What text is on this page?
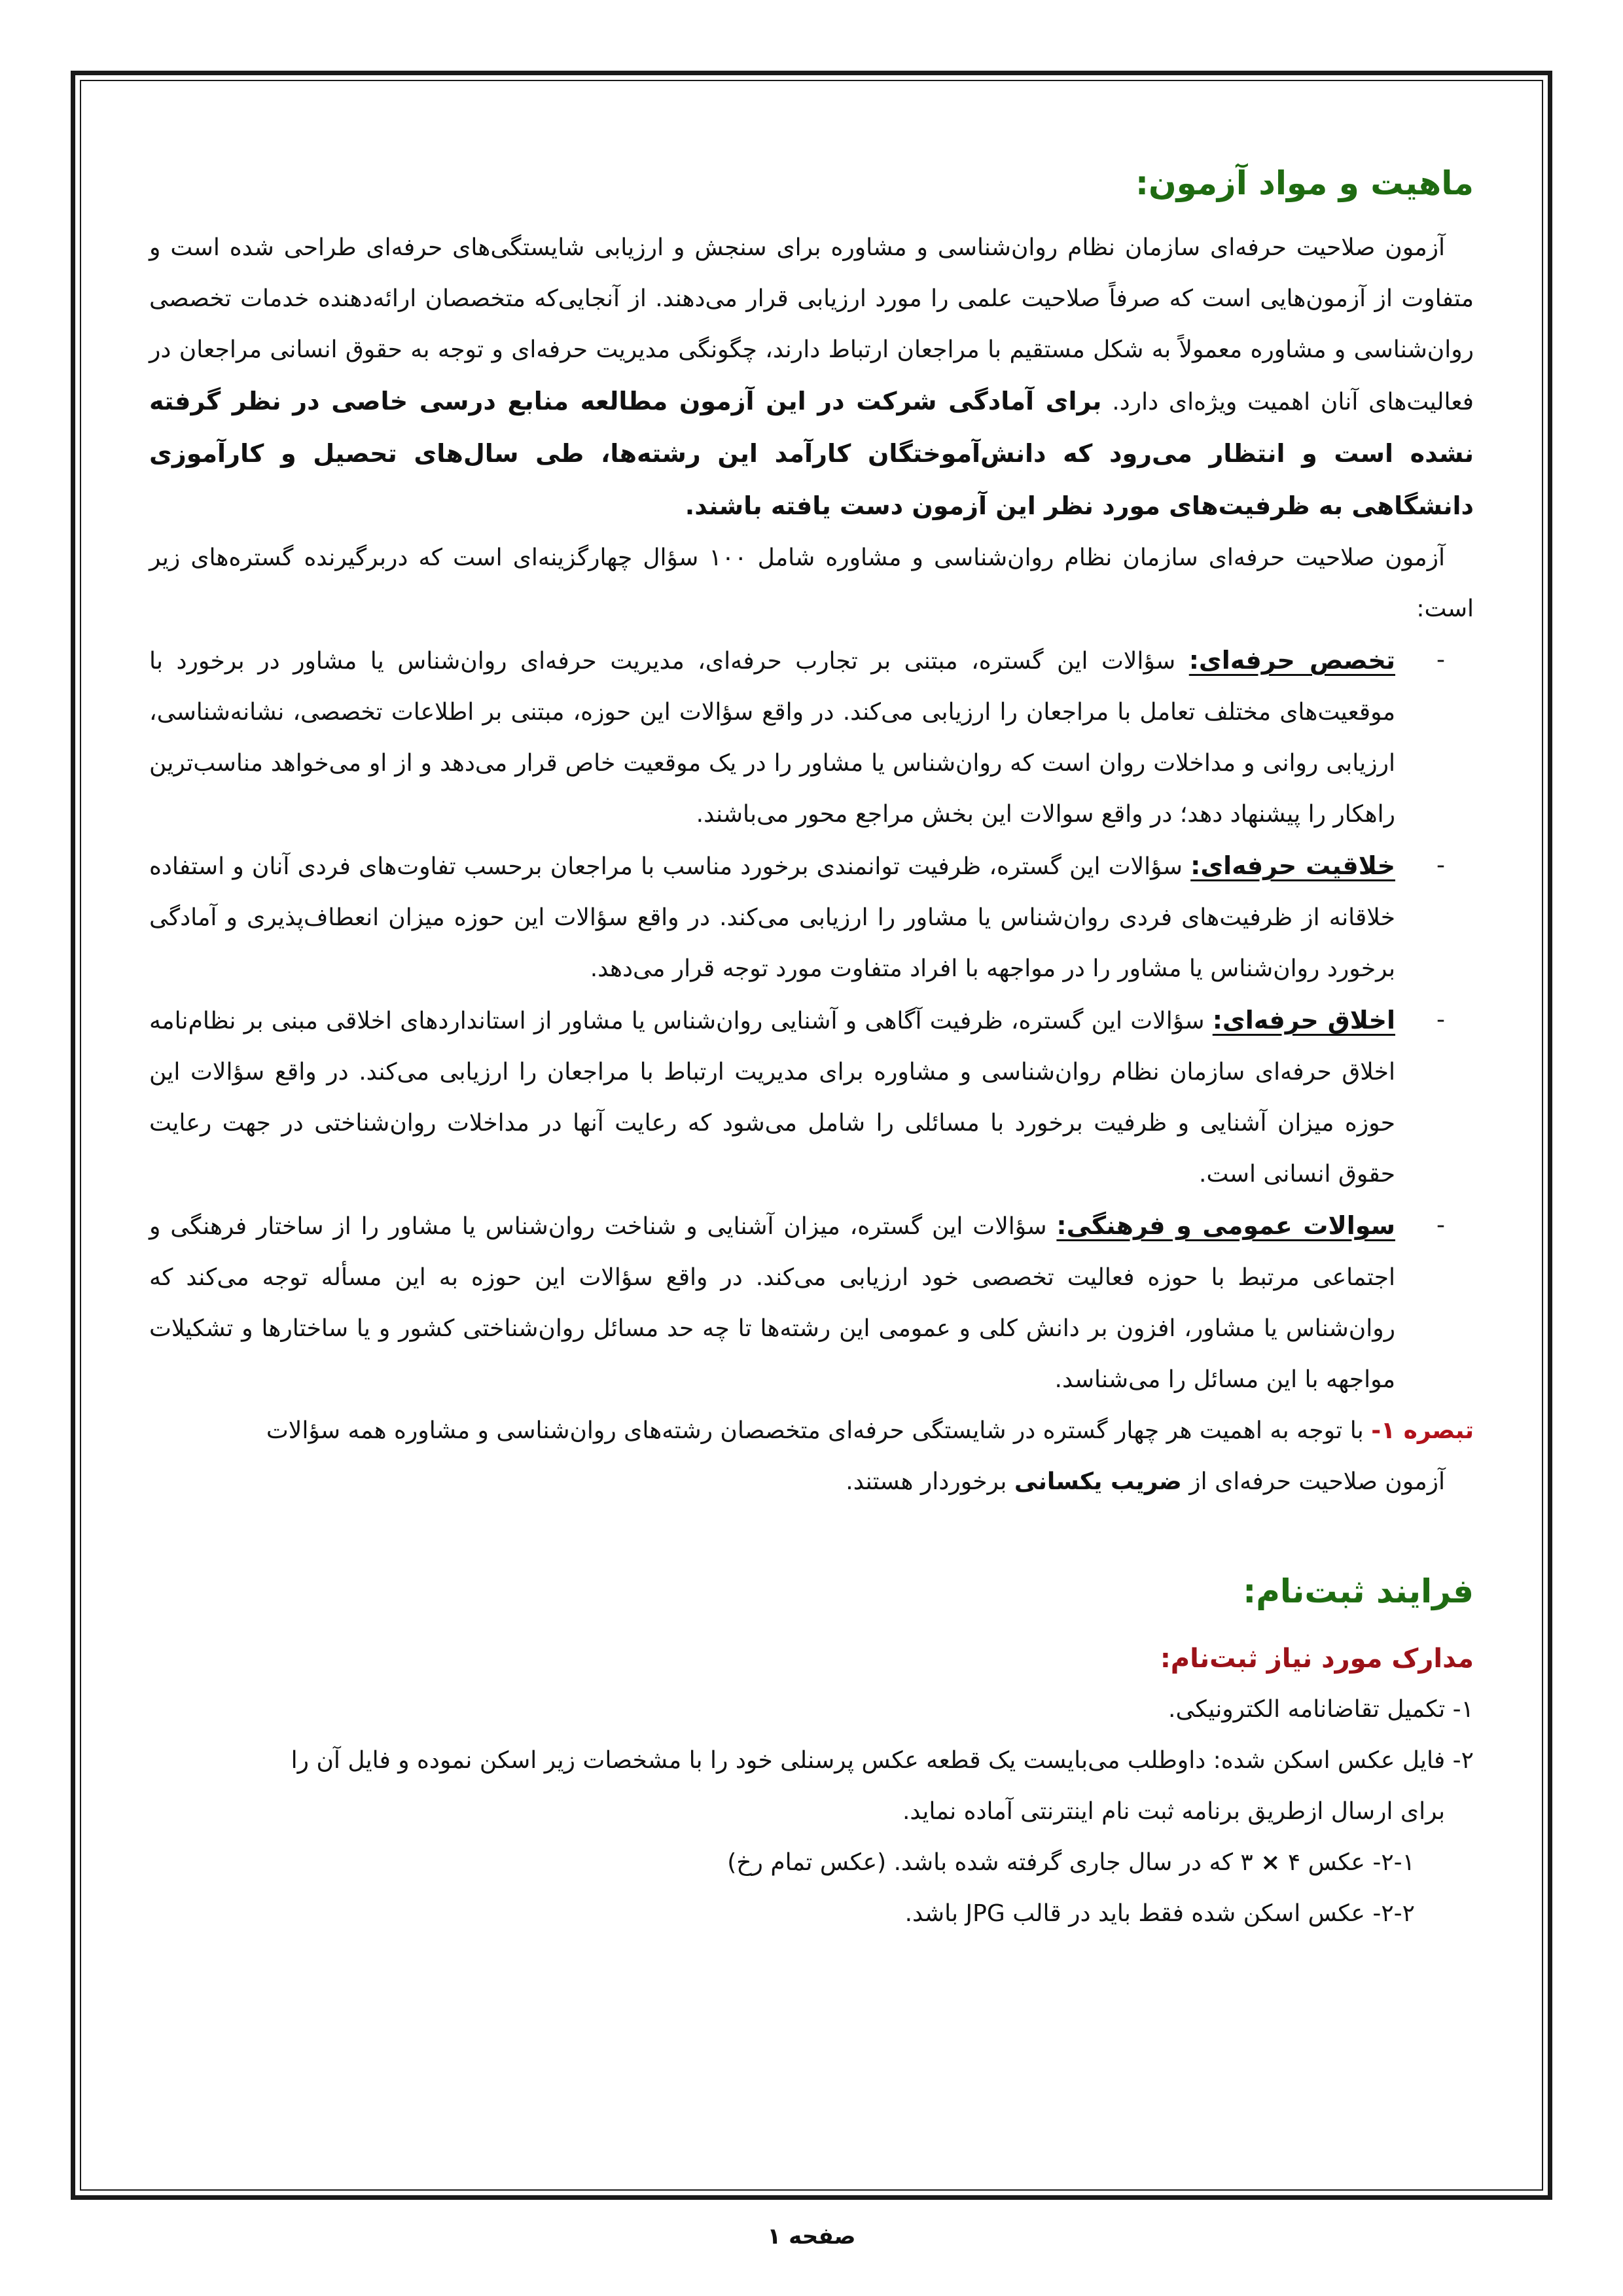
ماهیت و مواد آزمون:

آزمون صلاحیت حرفه‌ای سازمان نظام روان‌شناسی و مشاوره برای سنجش و ارزیابی شایستگی‌های حرفه‌ای طراحی شده است و متفاوت از آزمون‌هایی است که صرفاً صلاحیت علمی را مورد ارزیابی قرار می‌دهند. از آنجایی‌که متخصصان ارائه‌دهنده خدمات تخصصی روان‌شناسی و مشاوره معمولاً به شکل مستقیم با مراجعان ارتباط دارند، چگونگی مدیریت حرفه‌ای و توجه به حقوق انسانی مراجعان در فعالیت‌های آنان اهمیت ویژه‌ای دارد. برای آمادگی شرکت در این آزمون مطالعه منابع درسی خاصی در نظر گرفته نشده است و انتظار می‌رود که دانش‌آموختگان کارآمد این رشته‌ها، طی سال‌های تحصیل و کارآموزی دانشگاهی به ظرفیت‌های مورد نظر این آزمون دست یافته باشند.

آزمون صلاحیت حرفه‌ای سازمان نظام روان‌شناسی و مشاوره شامل ۱۰۰ سؤال چهارگزینه‌ای است که دربرگیرنده گستره‌های زیر است:

-
تخصص حرفه‌ای: سؤالات این گستره، مبتنی بر تجارب حرفه‌ای، مدیریت حرفه‌ای روان‌شناس یا مشاور در برخورد با موقعیت‌های مختلف تعامل با مراجعان را ارزیابی می‌کند. در واقع سؤالات این حوزه، مبتنی بر اطلاعات تخصصی، نشانه‌شناسی، ارزیابی روانی و مداخلات روان است که روان‌شناس یا مشاور را در یک موقعیت خاص قرار می‌دهد و از او می‌خواهد مناسب‌ترین راهکار را پیشنهاد دهد؛ در واقع سوالات این بخش مراجع محور می‌باشند.
-
خلاقیت حرفه‌ای: سؤالات این گستره، ظرفیت توانمندی برخورد مناسب با مراجعان برحسب تفاوت‌های فردی آنان و استفاده خلاقانه از ظرفیت‌های فردی روان‌شناس یا مشاور را ارزیابی می‌کند. در واقع سؤالات این حوزه میزان انعطاف‌پذیری و آمادگی برخورد روان‌شناس یا مشاور را در مواجهه با افراد متفاوت مورد توجه قرار می‌دهد.
-
اخلاق حرفه‌ای: سؤالات این گستره، ظرفیت آگاهی و آشنایی روان‌شناس یا مشاور از استانداردهای اخلاقی مبنی بر نظام‌نامه اخلاق حرفه‌ای سازمان نظام روان‌شناسی و مشاوره برای مدیریت ارتباط با مراجعان را ارزیابی می‌کند. در واقع سؤالات این حوزه میزان آشنایی و ظرفیت برخورد با مسائلی را شامل می‌شود که رعایت آنها در مداخلات روان‌شناختی در جهت رعایت حقوق انسانی است.
-
سوالات عمومی و فرهنگی: سؤالات این گستره، میزان آشنایی و شناخت روان‌شناس یا مشاور را از ساختار فرهنگی و اجتماعی مرتبط با حوزه فعالیت تخصصی خود ارزیابی می‌کند. در واقع سؤالات این حوزه به این مسأله توجه می‌کند که روان‌شناس یا مشاور، افزون بر دانش کلی و عمومی این رشته‌ها تا چه حد مسائل روان‌شناختی کشور و یا ساختارها و تشکیلات مواجهه با این مسائل را می‌شناسد.

تبصره ۱- با توجه به اهمیت هر چهار گستره در شایستگی حرفه‌ای متخصصان رشته‌های روان‌شناسی و مشاوره همه سؤالات

آزمون صلاحیت حرفه‌ای از ضریب یکسانی برخوردار هستند.

فرایند ثبت‌نام:
مدارک مورد نیاز ثبت‌نام:

۱- تکمیل تقاضانامه الکترونیکی.

۲- فایل عکس اسکن شده: داوطلب می‌بایست یک قطعه عکس پرسنلی خود را با مشخصات زیر اسکن نموده و فایل آن را

برای ارسال ازطریق برنامه ثبت نام اینترنتی آماده نماید.

۲-۱- عکس ۴ × ۳ که در سال جاری گرفته شده باشد. (عکس تمام رخ)

۲-۲- عکس اسکن شده فقط باید در قالب JPG باشد.

صفحه ۱
